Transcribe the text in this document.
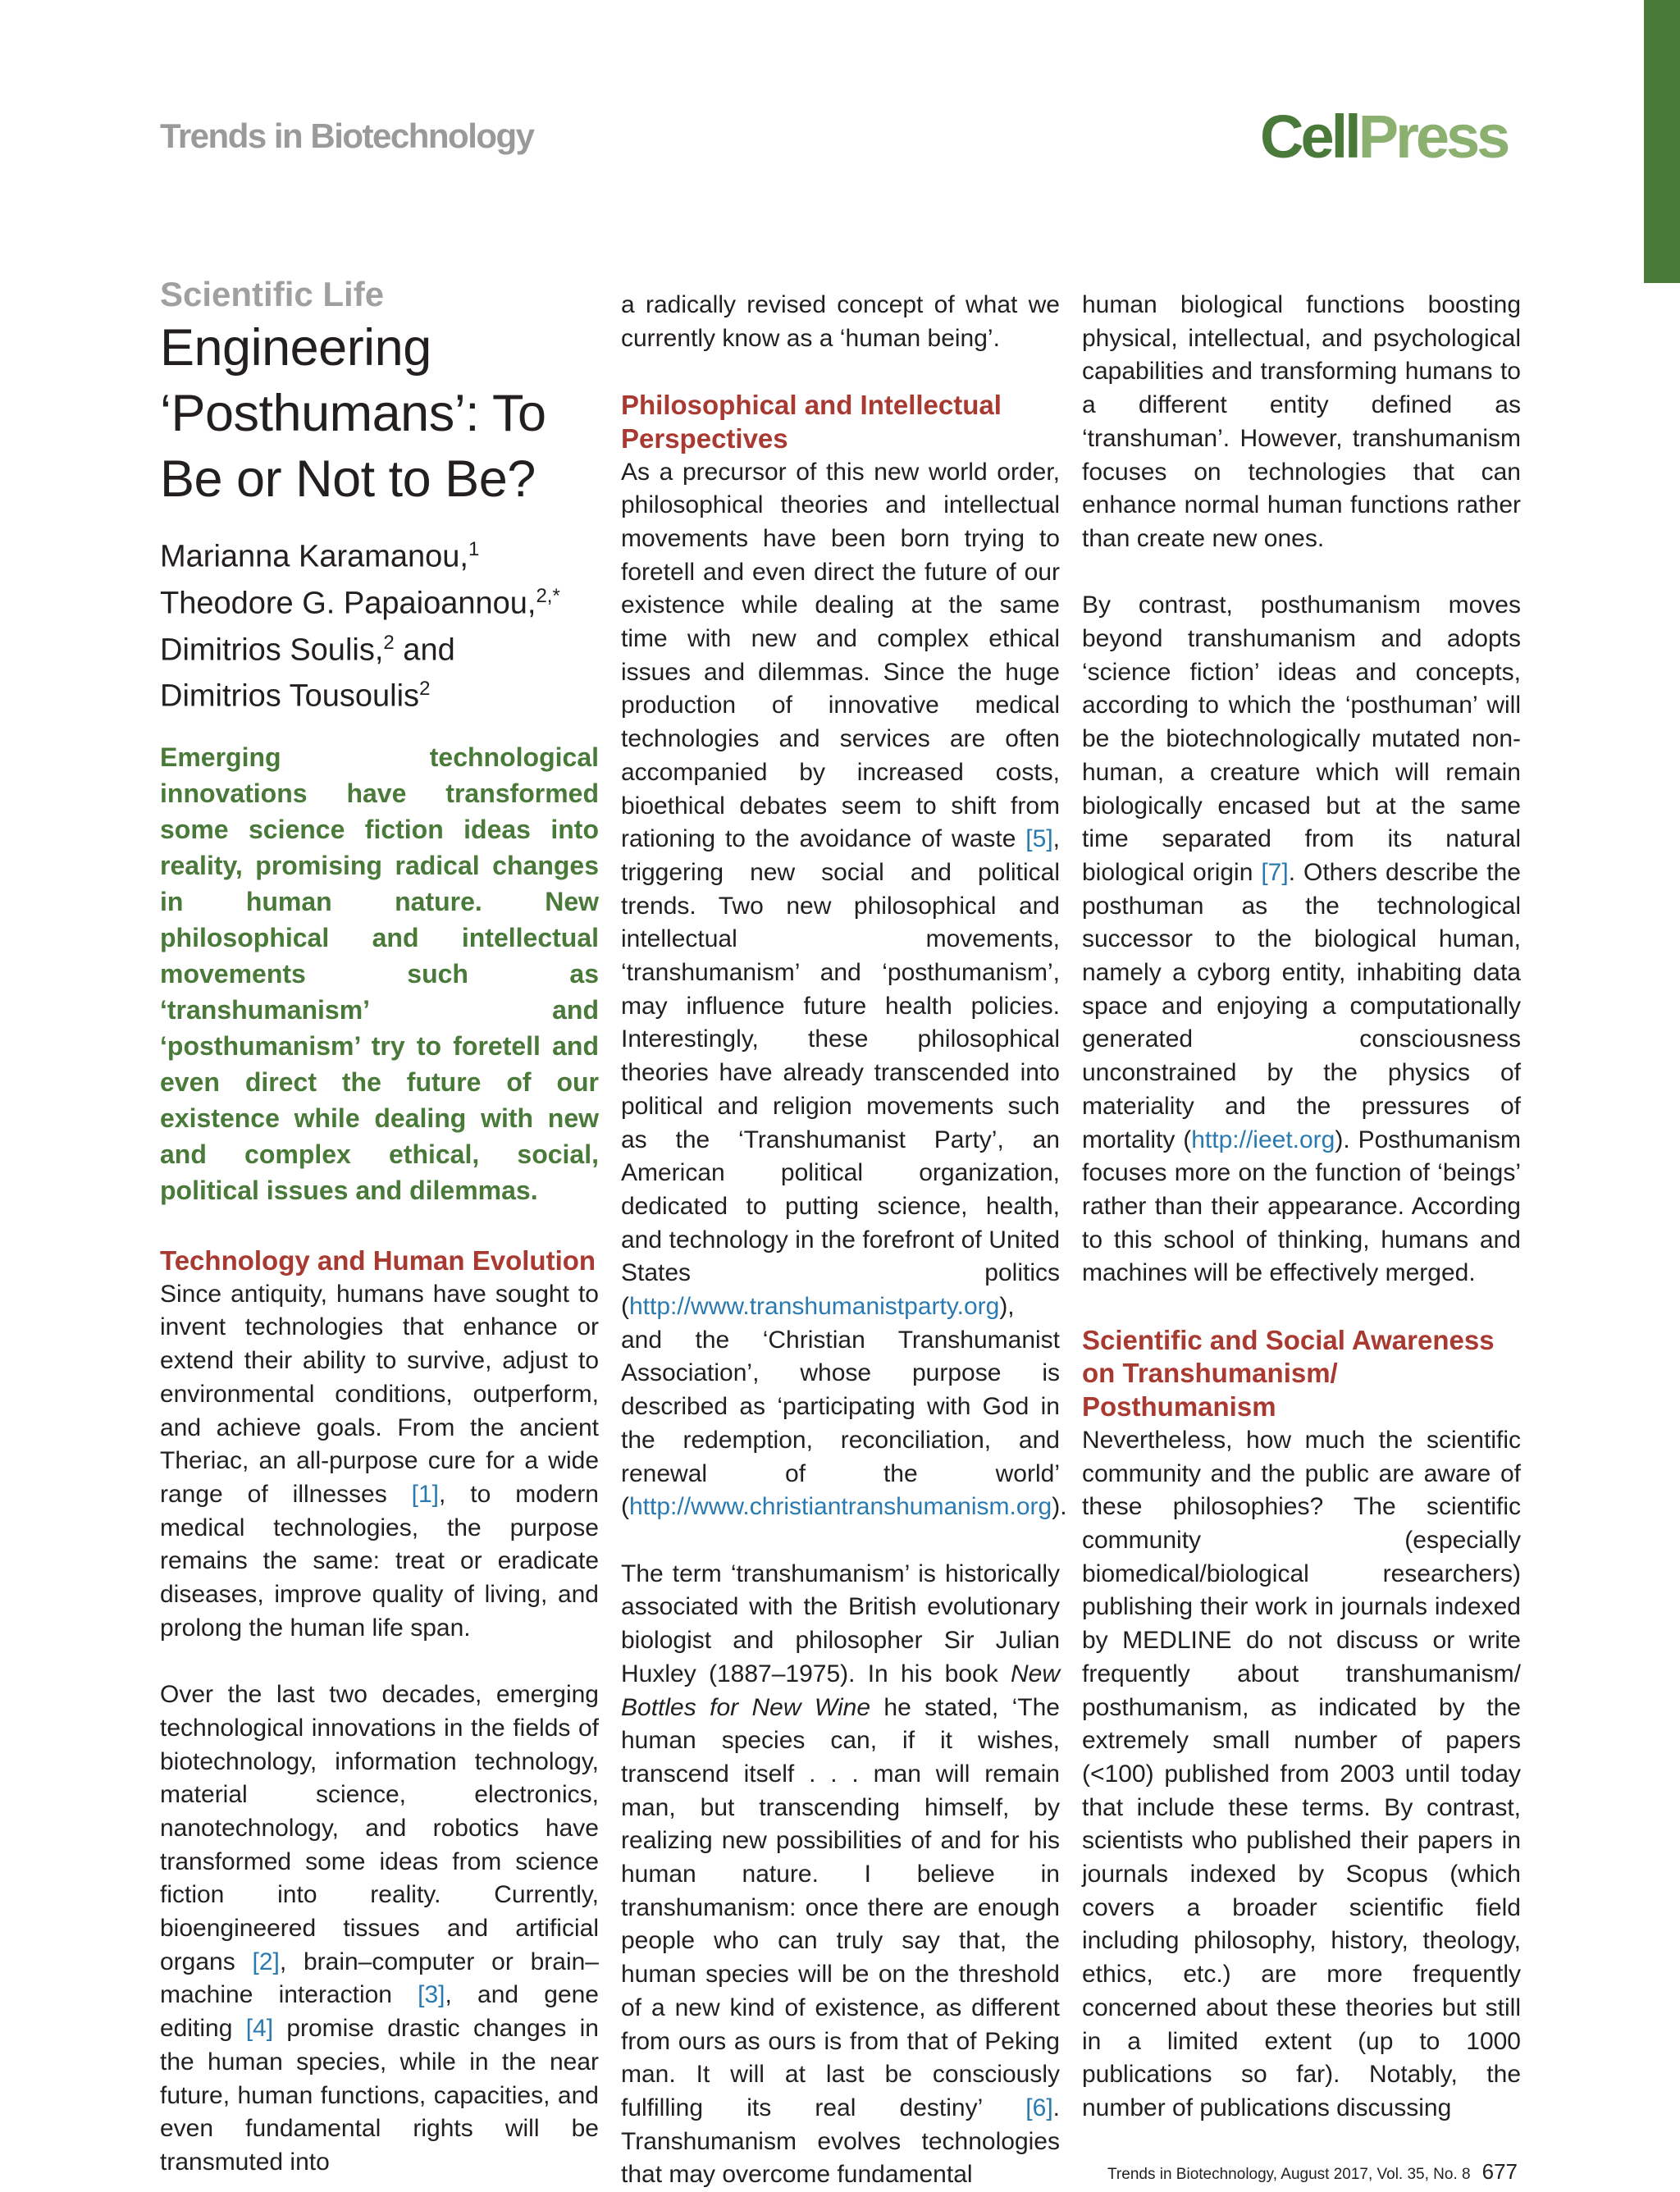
Trends in Biotechnology	CellPress
Scientific Life
Engineering ‘Posthumans’: To Be or Not to Be?
Marianna Karamanou,$^1$
Theodore G. Papaioannou,$^{2,*}$
Dimitrios Soulis,$^2$ and
Dimitrios Tousoulis$^2$
Emerging technological innovations have transformed some science fiction ideas into reality, promising radical changes in human nature. New philosophical and intellectual movements such as ‘transhumanism’ and ‘posthumanism’ try to foretell and even direct the future of our existence while dealing with new and complex ethical, social, political issues and dilemmas.
Technology and Human Evolution

Since antiquity, humans have sought to invent technologies that enhance or extend their ability to survive, adjust to environmental conditions, outperform, and achieve goals. From the ancient Theriac, an all-purpose cure for a wide range of illnesses [1], to modern medical technologies, the purpose remains the same: treat or eradicate diseases, improve quality of living, and prolong the human life span.

Over the last two decades, emerging technological innovations in the fields of biotechnology, information technology, material science, electronics, nanotechnology, and robotics have transformed some ideas from science fiction into reality. Currently, bioengineered tissues and artificial organs [2], brain–computer or brain–machine interaction [3], and gene editing [4] promise drastic changes in the human species, while in the near future, human functions, capacities, and even fundamental rights will be transmuted into

a radically revised concept of what we currently know as a ‘human being’.

Philosophical and Intellectual Perspectives

As a precursor of this new world order, philosophical theories and intellectual movements have been born trying to foretell and even direct the future of our existence while dealing at the same time with new and complex ethical issues and dilemmas. Since the huge production of innovative medical technologies and services are often accompanied by increased costs, bioethical debates seem to shift from rationing to the avoidance of waste [5], triggering new social and political trends. Two new philosophical and intellectual movements, ‘transhumanism’ and ‘posthumanism’, may influence future health policies. Interestingly, these philosophical theories have already transcended into political and religion movements such as the ‘Transhumanist Party’, an American political organization, dedicated to putting science, health, and technology in the forefront of United States politics (http://www.transhumanistparty.org), and the ‘Christian Transhumanist Association’, whose purpose is described as ‘participating with God in the redemption, reconciliation, and renewal of the world’ (http://www.christiantranshumanism.org).

The term ‘transhumanism’ is historically associated with the British evolutionary biologist and philosopher Sir Julian Huxley (1887–1975). In his book New Bottles for New Wine he stated, ‘The human species can, if it wishes, transcend itself . . . man will remain man, but transcending himself, by realizing new possibilities of and for his human nature. I believe in transhumanism: once there are enough people who can truly say that, the human species will be on the threshold of a new kind of existence, as different from ours as ours is from that of Peking man. It will at last be consciously fulfilling its real destiny’ [6]. Transhumanism evolves technologies that may overcome fundamental

human biological functions boosting physical, intellectual, and psychological capabilities and transforming humans to a different entity defined as ‘transhuman’. However, transhumanism focuses on technologies that can enhance normal human functions rather than create new ones.

By contrast, posthumanism moves beyond transhumanism and adopts ‘science fiction’ ideas and concepts, according to which the ‘posthuman’ will be the biotechnologically mutated non-human, a creature which will remain biologically encased but at the same time separated from its natural biological origin [7]. Others describe the posthuman as the technological successor to the biological human, namely a cyborg entity, inhabiting data space and enjoying a computationally generated consciousness unconstrained by the physics of materiality and the pressures of mortality (http://ieet.org). Posthumanism focuses more on the function of ‘beings’ rather than their appearance. According to this school of thinking, humans and machines will be effectively merged.

Scientific and Social Awareness on Transhumanism/ Posthumanism

Nevertheless, how much the scientific community and the public are aware of these philosophies? The scientific community (especially biomedical/biological researchers) publishing their work in journals indexed by MEDLINE do not discuss or write frequently about transhumanism/ posthumanism, as indicated by the extremely small number of papers (<100) published from 2003 until today that include these terms. By contrast, scientists who published their papers in journals indexed by Scopus (which covers a broader scientific field including philosophy, history, theology, ethics, etc.) are more frequently concerned about these theories but still in a limited extent (up to 1000 publications so far). Notably, the number of publications discussing

Trends in Biotechnology, August 2017, Vol. 35, No. 8 677
